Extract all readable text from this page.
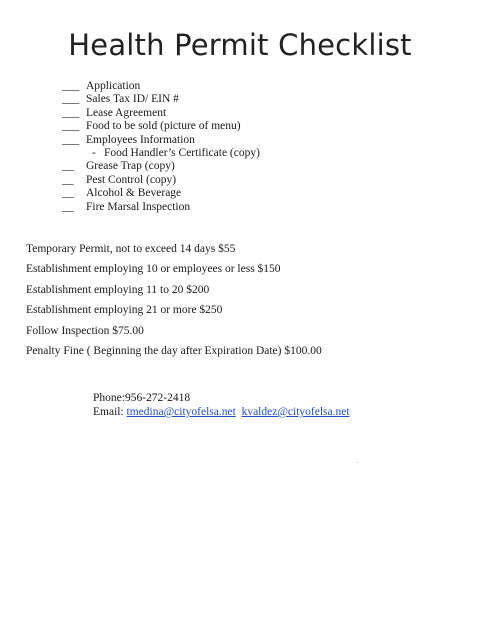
Health Permit Checklist
___ Application
___ Sales Tax ID/ EIN #
___ Lease Agreement
___ Food to be sold (picture of menu)
___ Employees Information
- Food Handler’s Certificate (copy)
__ Grease Trap (copy)
__ Pest Control (copy)
__ Alcohol & Beverage
__ Fire Marsal Inspection
Temporary Permit, not to exceed 14 days $55
Establishment employing 10 or employees or less $150
Establishment employing 11 to 20 $200
Establishment employing 21 or more $250
Follow Inspection $75.00
Penalty Fine ( Beginning the day after Expiration Date) $100.00
Phone:956-272-2418
Email: tmedina@cityofelsa.net kvaldez@cityofelsa.net
